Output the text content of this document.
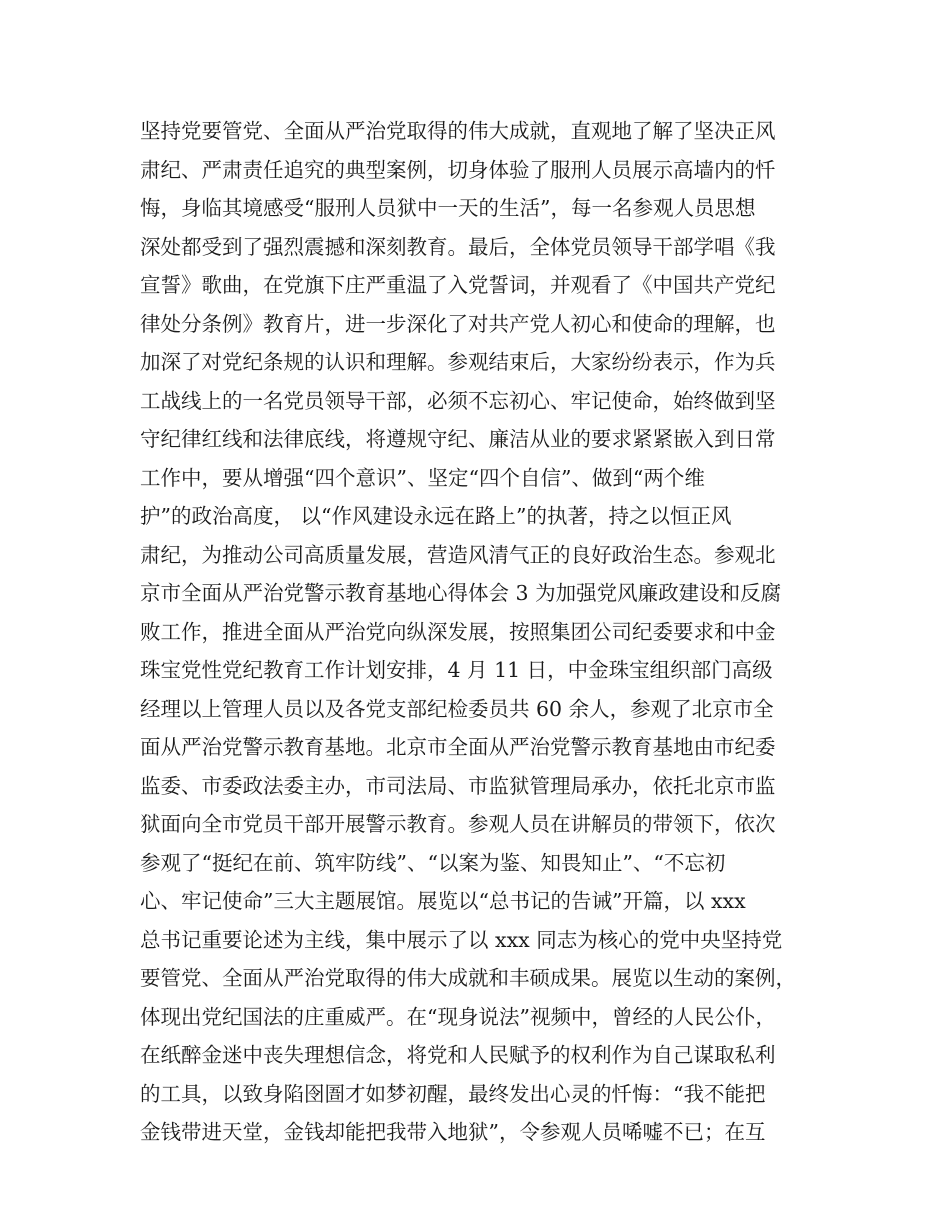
坚持党要管党、全面从严治党取得的伟大成就，直观地了解了坚决正风
肃纪、严肃责任追究的典型案例，切身体验了服刑人员展示高墙内的忏
悔，身临其境感受“服刑人员狱中一天的生活”，每一名参观人员思想
深处都受到了强烈震撼和深刻教育。最后，全体党员领导干部学唱《我
宣誓》歌曲，在党旗下庄严重温了入党誓词，并观看了《中国共产党纪
律处分条例》教育片，进一步深化了对共产党人初心和使命的理解，也
加深了对党纪条规的认识和理解。参观结束后，大家纷纷表示，作为兵
工战线上的一名党员领导干部，必须不忘初心、牢记使命，始终做到坚
守纪律红线和法律底线，将遵规守纪、廉洁从业的要求紧紧嵌入到日常
工作中，要从增强“四个意识”、坚定“四个自信”、做到“两个维
护”的政治高度， 以“作风建设永远在路上”的执著，持之以恒正风
肃纪，为推动公司高质量发展，营造风清气正的良好政治生态。参观北
京市全面从严治党警示教育基地心得体会 3 为加强党风廉政建设和反腐
败工作，推进全面从严治党向纵深发展，按照集团公司纪委要求和中金
珠宝党性党纪教育工作计划安排，4 月 11 日，中金珠宝组织部门高级
经理以上管理人员以及各党支部纪检委员共 60 余人，参观了北京市全
面从严治党警示教育基地。北京市全面从严治党警示教育基地由市纪委
监委、市委政法委主办，市司法局、市监狱管理局承办，依托北京市监
狱面向全市党员干部开展警示教育。参观人员在讲解员的带领下，依次
参观了“挺纪在前、筑牢防线”、“以案为鉴、知畏知止”、“不忘初
心、牢记使命”三大主题展馆。展览以“总书记的告诫”开篇，以 xxx
总书记重要论述为主线，集中展示了以 xxx 同志为核心的党中央坚持党
要管党、全面从严治党取得的伟大成就和丰硕成果。展览以生动的案例，
体现出党纪国法的庄重威严。在“现身说法”视频中，曾经的人民公仆，
在纸醉金迷中丧失理想信念，将党和人民赋予的权利作为自己谋取私利
的工具，以致身陷囹圄才如梦初醒，最终发出心灵的忏悔：“我不能把
金钱带进天堂，金钱却能把我带入地狱”，令参观人员唏嘘不已；在互
